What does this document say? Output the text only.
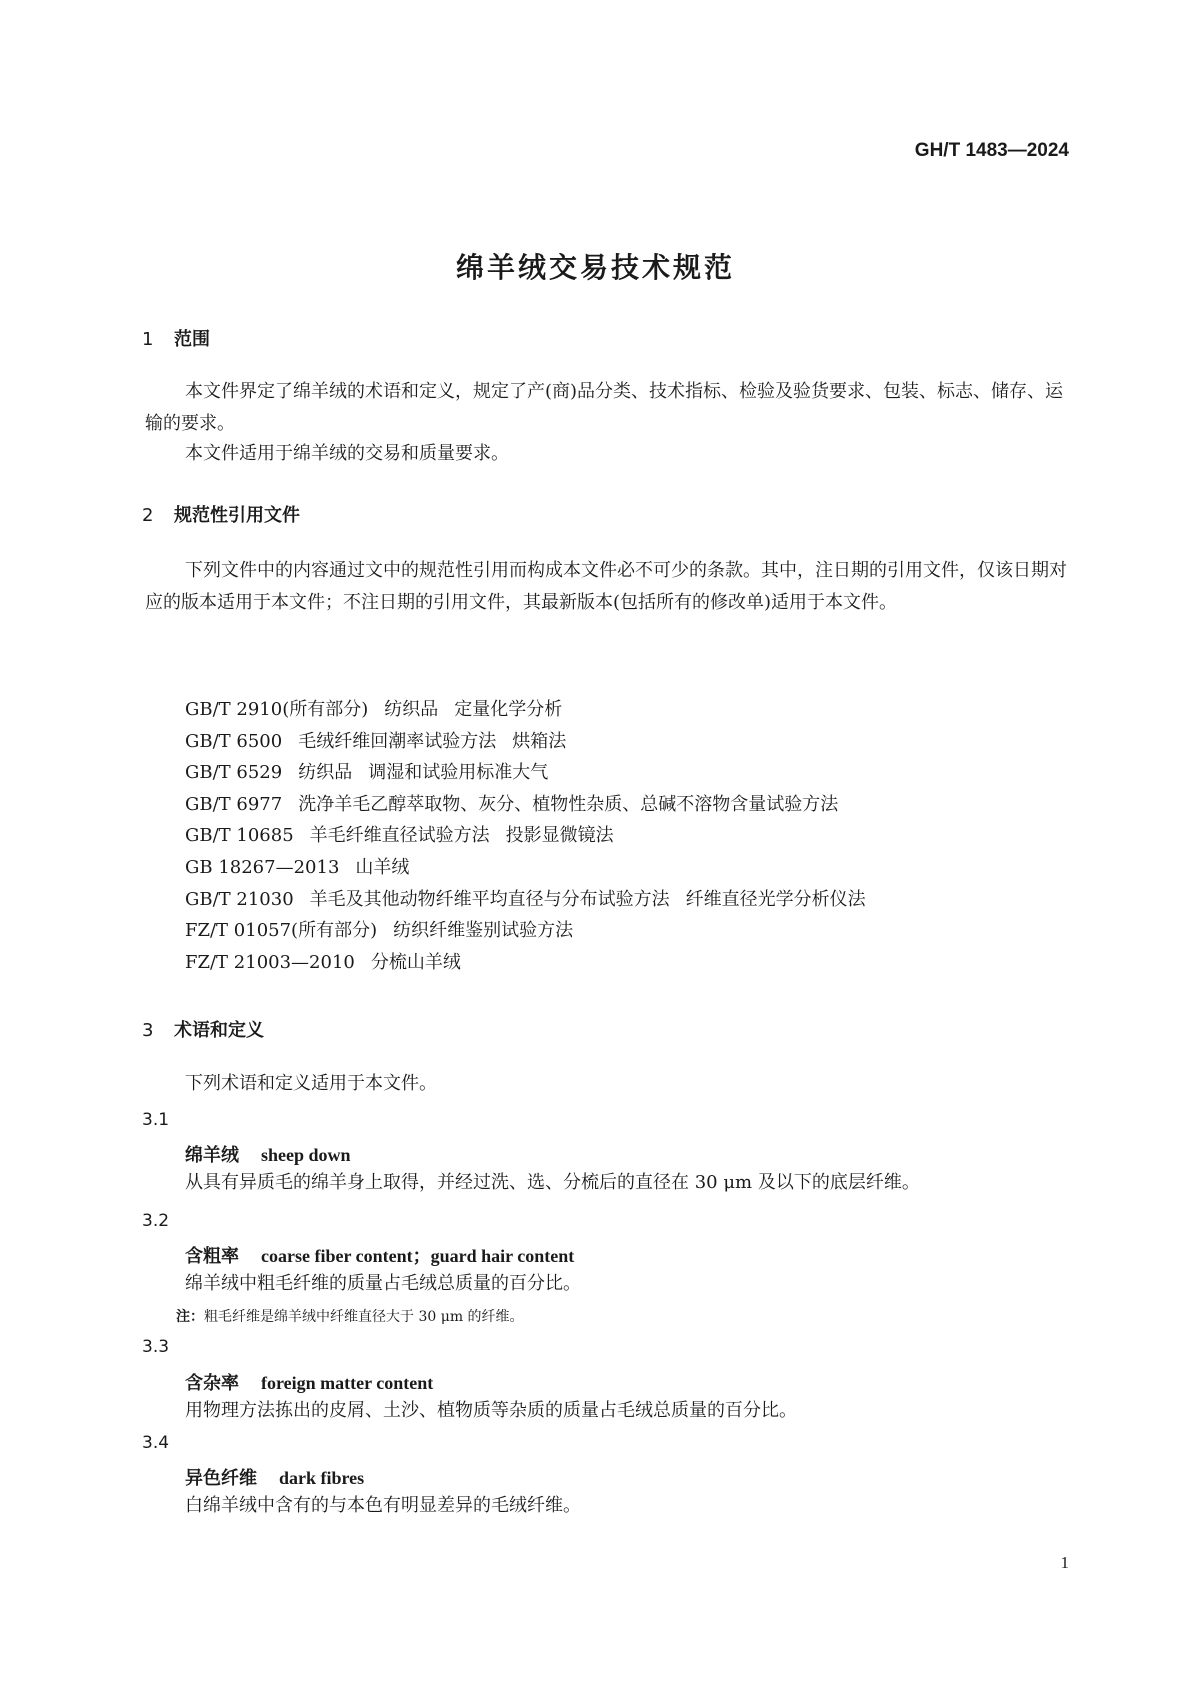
GH/T 1483—2024
绵羊绒交易技术规范
1 范围

本文件界定了绵羊绒的术语和定义，规定了产(商)品分类、技术指标、检验及验货要求、包装、标志、储存、运输的要求。

本文件适用于绵羊绒的交易和质量要求。

2 规范性引用文件

下列文件中的内容通过文中的规范性引用而构成本文件必不可少的条款。其中，注日期的引用文件，仅该日期对应的版本适用于本文件；不注日期的引用文件，其最新版本(包括所有的修改单)适用于本文件。

GB/T 2910(所有部分) 纺织品 定量化学分析
GB/T 6500 毛绒纤维回潮率试验方法 烘箱法
GB/T 6529 纺织品 调湿和试验用标准大气
GB/T 6977 洗净羊毛乙醇萃取物、灰分、植物性杂质、总碱不溶物含量试验方法
GB/T 10685 羊毛纤维直径试验方法 投影显微镜法
GB 18267—2013 山羊绒
GB/T 21030 羊毛及其他动物纤维平均直径与分布试验方法 纤维直径光学分析仪法
FZ/T 01057(所有部分) 纺织纤维鉴别试验方法
FZ/T 21003—2010 分梳山羊绒
3 术语和定义
下列术语和定义适用于本文件。
3.1
绵羊绒 sheep down
从具有异质毛的绵羊身上取得，并经过洗、选、分梳后的直径在 30 μm 及以下的底层纤维。
3.2
含粗率 coarse fiber content；guard hair content
绵羊绒中粗毛纤维的质量占毛绒总质量的百分比。
注：粗毛纤维是绵羊绒中纤维直径大于 30 μm 的纤维。
3.3
含杂率 foreign matter content
用物理方法拣出的皮屑、土沙、植物质等杂质的质量占毛绒总质量的百分比。
3.4
异色纤维 dark fibres
白绵羊绒中含有的与本色有明显差异的毛绒纤维。
1
